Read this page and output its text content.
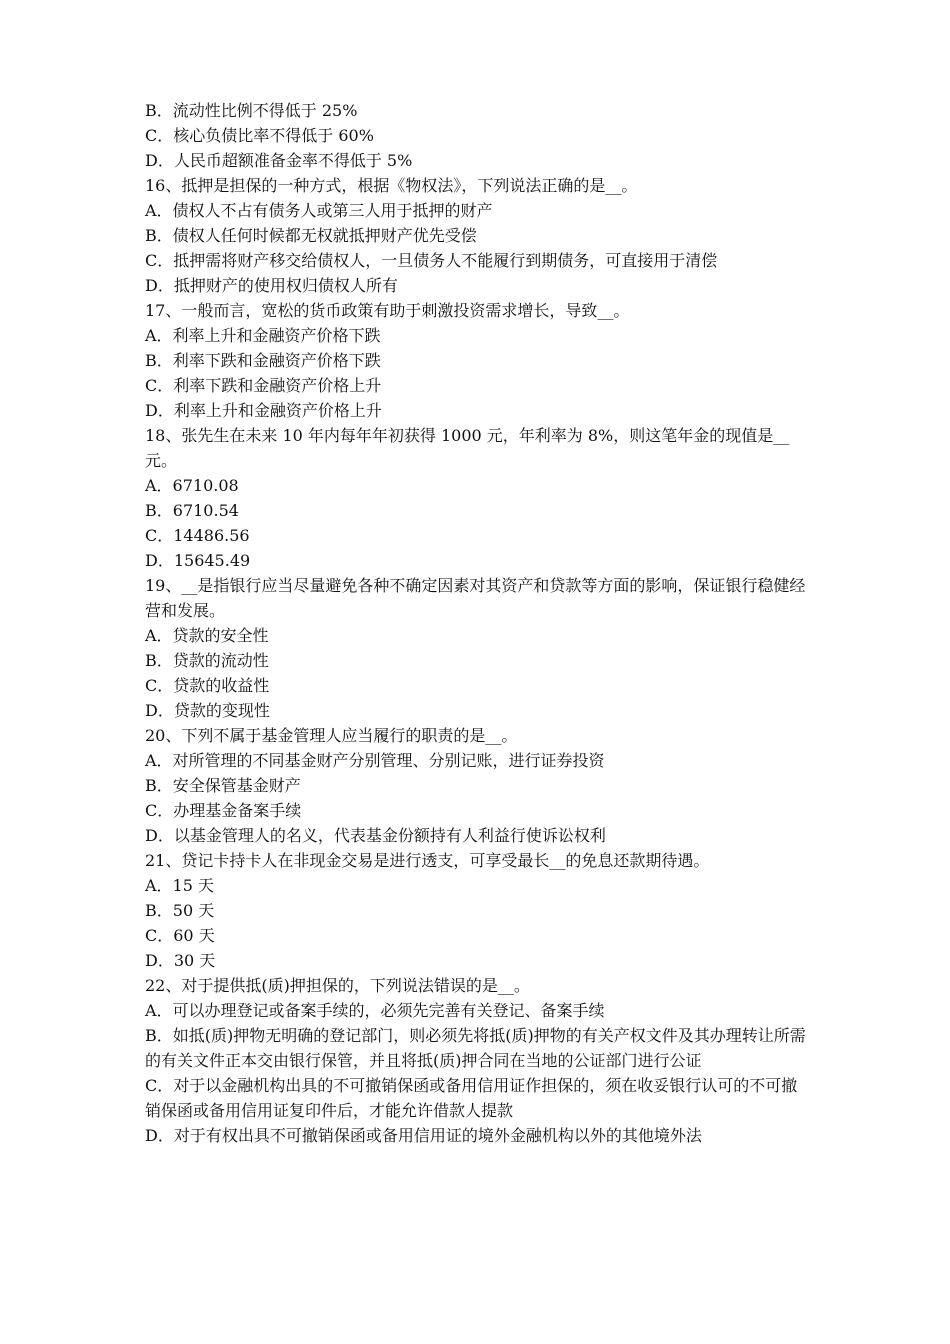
B．流动性比例不得低于 25%
C．核心负债比率不得低于 60%
D．人民币超额准备金率不得低于 5%
16、抵押是担保的一种方式，根据《物权法》，下列说法正确的是__。
A．债权人不占有债务人或第三人用于抵押的财产
B．债权人任何时候都无权就抵押财产优先受偿
C．抵押需将财产移交给债权人，一旦债务人不能履行到期债务，可直接用于清偿
D．抵押财产的使用权归债权人所有
17、一般而言，宽松的货币政策有助于刺激投资需求增长，导致__。
A．利率上升和金融资产价格下跌
B．利率下跌和金融资产价格下跌
C．利率下跌和金融资产价格上升
D．利率上升和金融资产价格上升
18、张先生在未来 10 年内每年年初获得 1000 元，年利率为 8%，则这笔年金的现值是__元。
A．6710.08
B．6710.54
C．14486.56
D．15645.49
19、__是指银行应当尽量避免各种不确定因素对其资产和贷款等方面的影响，保证银行稳健经营和发展。
A．贷款的安全性
B．贷款的流动性
C．贷款的收益性
D．贷款的变现性
20、下列不属于基金管理人应当履行的职责的是__。
A．对所管理的不同基金财产分别管理、分别记账，进行证券投资
B．安全保管基金财产
C．办理基金备案手续
D．以基金管理人的名义，代表基金份额持有人利益行使诉讼权利
21、贷记卡持卡人在非现金交易是进行透支，可享受最长__的免息还款期待遇。
A．15 天
B．50 天
C．60 天
D．30 天
22、对于提供抵(质)押担保的，下列说法错误的是__。
A．可以办理登记或备案手续的，必须先完善有关登记、备案手续
B．如抵(质)押物无明确的登记部门，则必须先将抵(质)押物的有关产权文件及其办理转让所需的有关文件正本交由银行保管，并且将抵(质)押合同在当地的公证部门进行公证
C．对于以金融机构出具的不可撤销保函或备用信用证作担保的，须在收妥银行认可的不可撤销保函或备用信用证复印件后，才能允许借款人提款
D．对于有权出具不可撤销保函或备用信用证的境外金融机构以外的其他境外法
